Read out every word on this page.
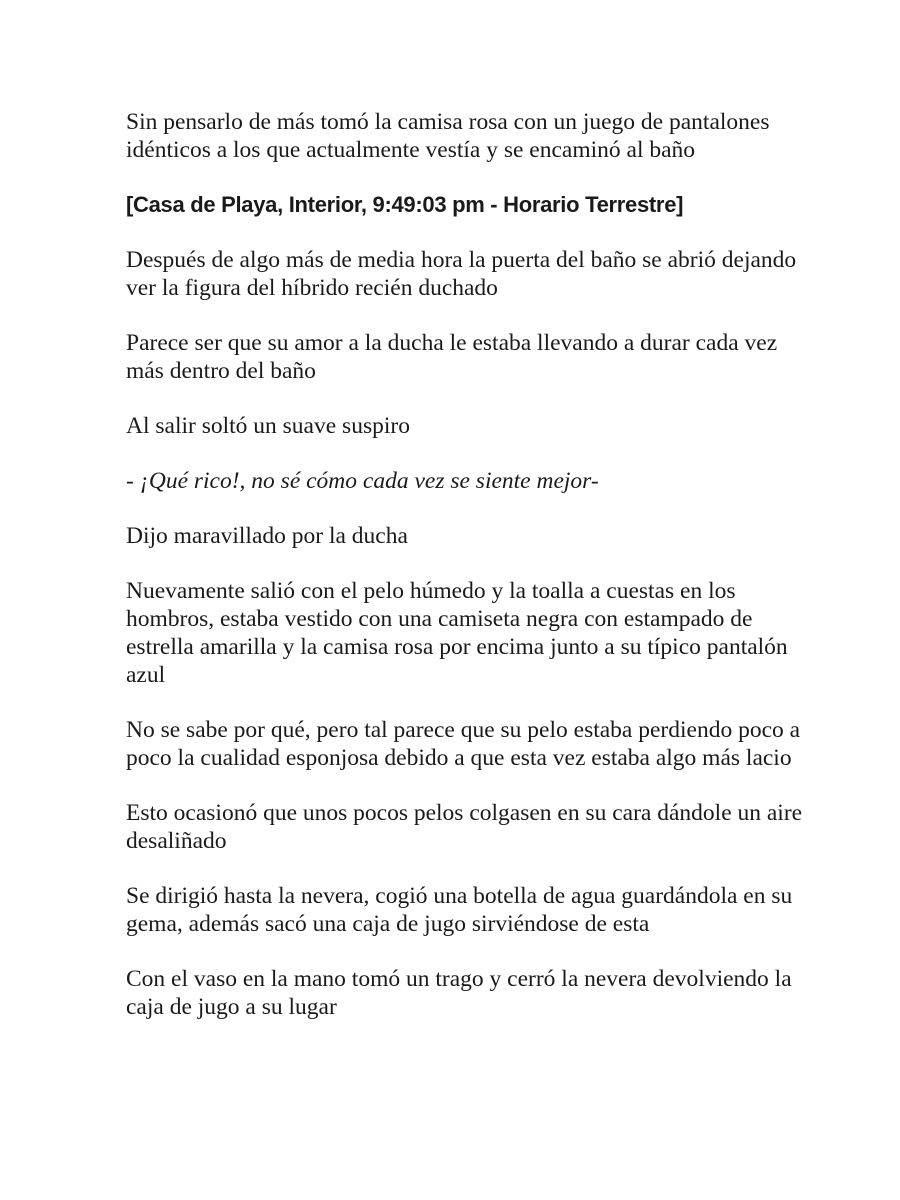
Sin pensarlo de más tomó la camisa rosa con un juego de pantalones idénticos a los que actualmente vestía y se encaminó al baño

[Casa de Playa, Interior, 9:49:03 pm - Horario Terrestre]

Después de algo más de media hora la puerta del baño se abrió dejando ver la figura del híbrido recién duchado

Parece ser que su amor a la ducha le estaba llevando a durar cada vez más dentro del baño

Al salir soltó un suave suspiro

- ¡Qué rico!, no sé cómo cada vez se siente mejor-

Dijo maravillado por la ducha

Nuevamente salió con el pelo húmedo y la toalla a cuestas en los hombros, estaba vestido con una camiseta negra con estampado de estrella amarilla y la camisa rosa por encima junto a su típico pantalón azul

No se sabe por qué, pero tal parece que su pelo estaba perdiendo poco a poco la cualidad esponjosa debido a que esta vez estaba algo más lacio

Esto ocasionó que unos pocos pelos colgasen en su cara dándole un aire desaliñado

Se dirigió hasta la nevera, cogió una botella de agua guardándola en su gema, además sacó una caja de jugo sirviéndose de esta

Con el vaso en la mano tomó un trago y cerró la nevera devolviendo la caja de jugo a su lugar
